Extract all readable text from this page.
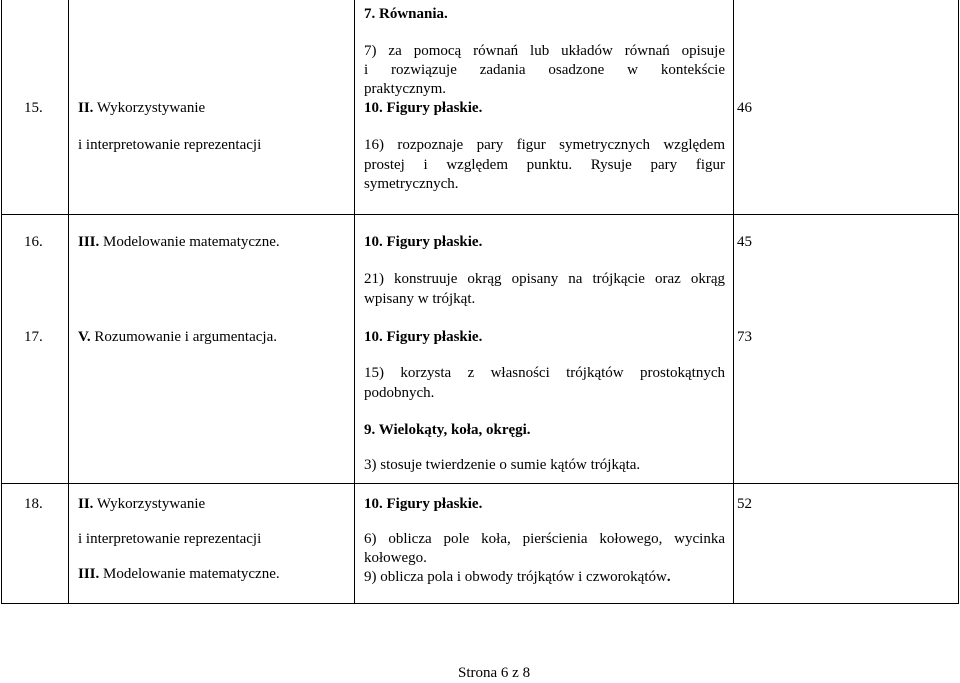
15. II. Wykorzystywanie
i interpretowanie reprezentacji
7. Równania.
7) za pomocą równań lub układów równań opisuje
i rozwiązuje zadania osadzone w kontekście
praktycznym.
10. Figury płaskie.
16) rozpoznaje pary figur symetrycznych względem
prostej i względem punktu. Rysuje pary figur
symetrycznych.
46
16. III. Modelowanie matematyczne.	10. Figury płaskie.
21) konstruuje okrąg opisany na trójkącie oraz okrąg
wpisany w trójkąt.
45
17. V. Rozumowanie i argumentacja.	10. Figury płaskie.
15) korzysta z własności trójkątów prostokątnych
podobnych.
9. Wielokąty, koła, okręgi.
3) stosuje twierdzenie o sumie kątów trójkąta.
73
18. II. Wykorzystywanie
i interpretowanie reprezentacji
III. Modelowanie matematyczne.
10. Figury płaskie.
6) oblicza pole koła, pierścienia kołowego, wycinka
kołowego.
9) oblicza pola i obwody trójkątów i czworokątów.
52
Strona 6 z 8
